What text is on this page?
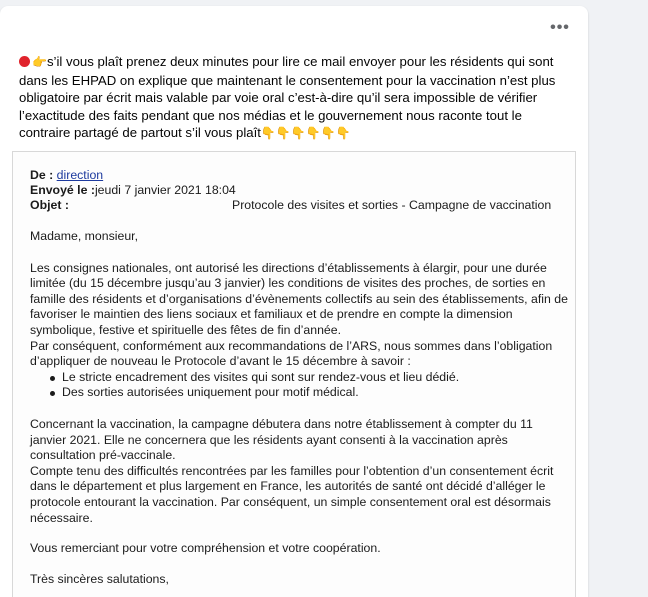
•••
👉s’il vous plaît prenez deux minutes pour lire ce mail envoyer pour les résidents qui sont dans les EHPAD on explique que maintenant le consentement pour la vaccination n’est plus obligatoire par écrit mais valable par voie oral c’est-à-dire qu’il sera impossible de vérifier l’exactitude des faits pendant que nos médias et le gouvernement nous raconte tout le contraire partagé de partout s’il vous plaît👇👇👇👇👇👇
De : direction
Envoyé le :jeudi 7 janvier 2021 18:04
Objet :	Protocole des visites et sorties - Campagne de vaccination

Madame, monsieur,

Les consignes nationales, ont autorisé les directions d’établissements à élargir, pour une durée limitée (du 15 décembre jusqu’au 3 janvier) les conditions de visites des proches, de sorties en famille des résidents et d’organisations d’évènements collectifs au sein des établissements, afin de favoriser le maintien des liens sociaux et familiaux et de prendre en compte la dimension symbolique, festive et spirituelle des fêtes de fin d’année.

Par conséquent, conformément aux recommandations de l’ARS, nous sommes dans l’obligation d’appliquer de nouveau le Protocole d’avant le 15 décembre à savoir :

Le stricte encadrement des visites qui sont sur rendez-vous et lieu dédié.
Des sorties autorisées uniquement pour motif médical.

Concernant la vaccination, la campagne débutera dans notre établissement à compter du 11 janvier 2021. Elle ne concernera que les résidents ayant consenti à la vaccination après consultation pré-vaccinale.

Compte tenu des difficultés rencontrées par les familles pour l’obtention d’un consentement écrit dans le département et plus largement en France, les autorités de santé ont décidé d’alléger le protocole entourant la vaccination. Par conséquent, un simple consentement oral est désormais nécessaire.

Vous remerciant pour votre compréhension et votre coopération.

Très sincères salutations,
